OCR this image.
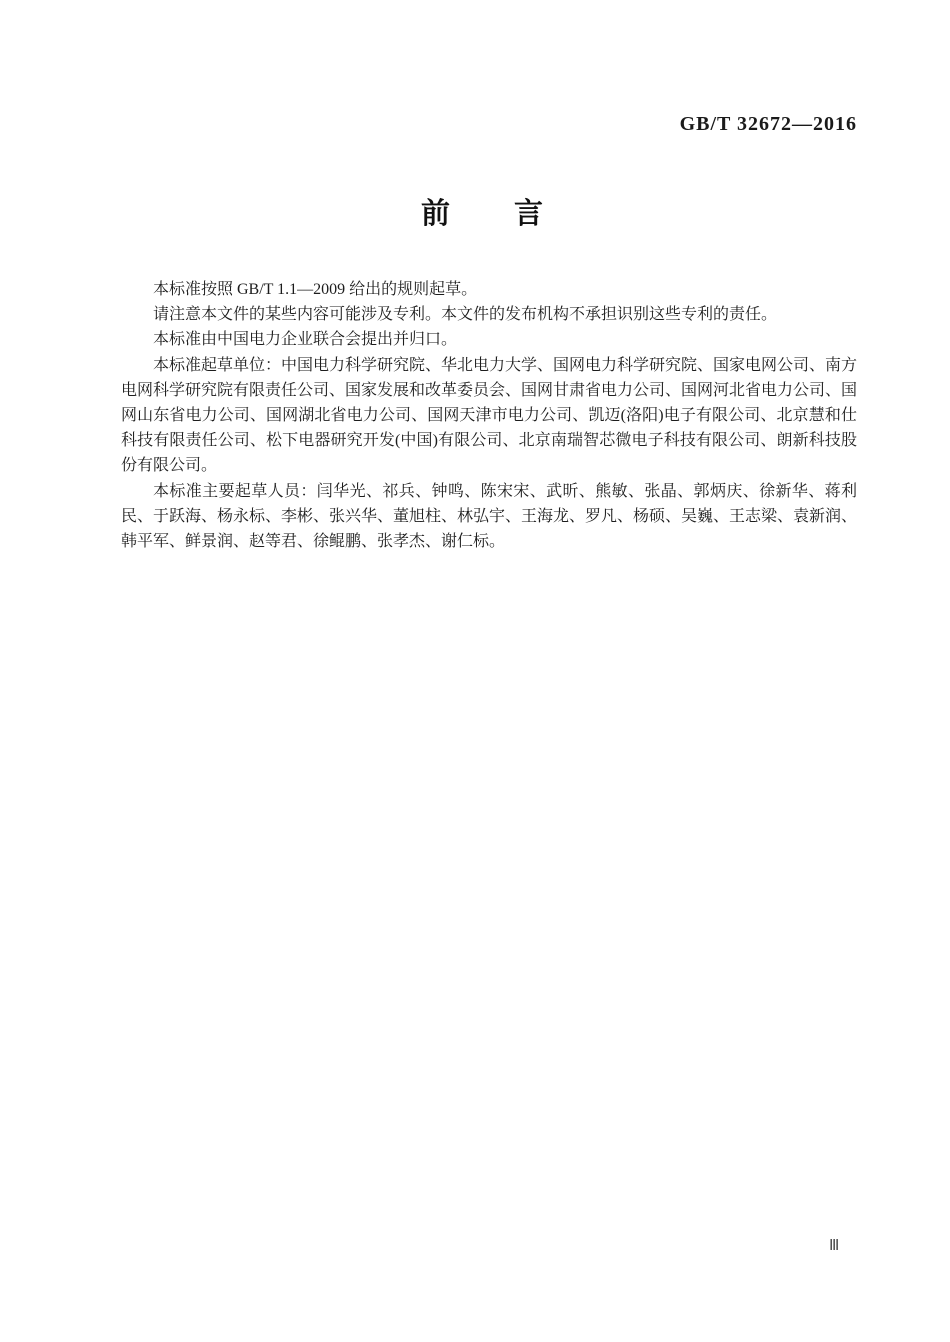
GB/T 32672—2016
前　　言

本标准按照 GB/T 1.1—2009 给出的规则起草。

请注意本文件的某些内容可能涉及专利。本文件的发布机构不承担识别这些专利的责任。

本标准由中国电力企业联合会提出并归口。

本标准起草单位：中国电力科学研究院、华北电力大学、国网电力科学研究院、国家电网公司、南方电网科学研究院有限责任公司、国家发展和改革委员会、国网甘肃省电力公司、国网河北省电力公司、国网山东省电力公司、国网湖北省电力公司、国网天津市电力公司、凯迈(洛阳)电子有限公司、北京慧和仕科技有限责任公司、松下电器研究开发(中国)有限公司、北京南瑞智芯微电子科技有限公司、朗新科技股份有限公司。

本标准主要起草人员：闫华光、祁兵、钟鸣、陈宋宋、武昕、熊敏、张晶、郭炳庆、徐新华、蒋利民、于跃海、杨永标、李彬、张兴华、董旭柱、林弘宇、王海龙、罗凡、杨硕、吴巍、王志梁、袁新润、韩平军、鲜景润、赵等君、徐鲲鹏、张孝杰、谢仁标。

Ⅲ
